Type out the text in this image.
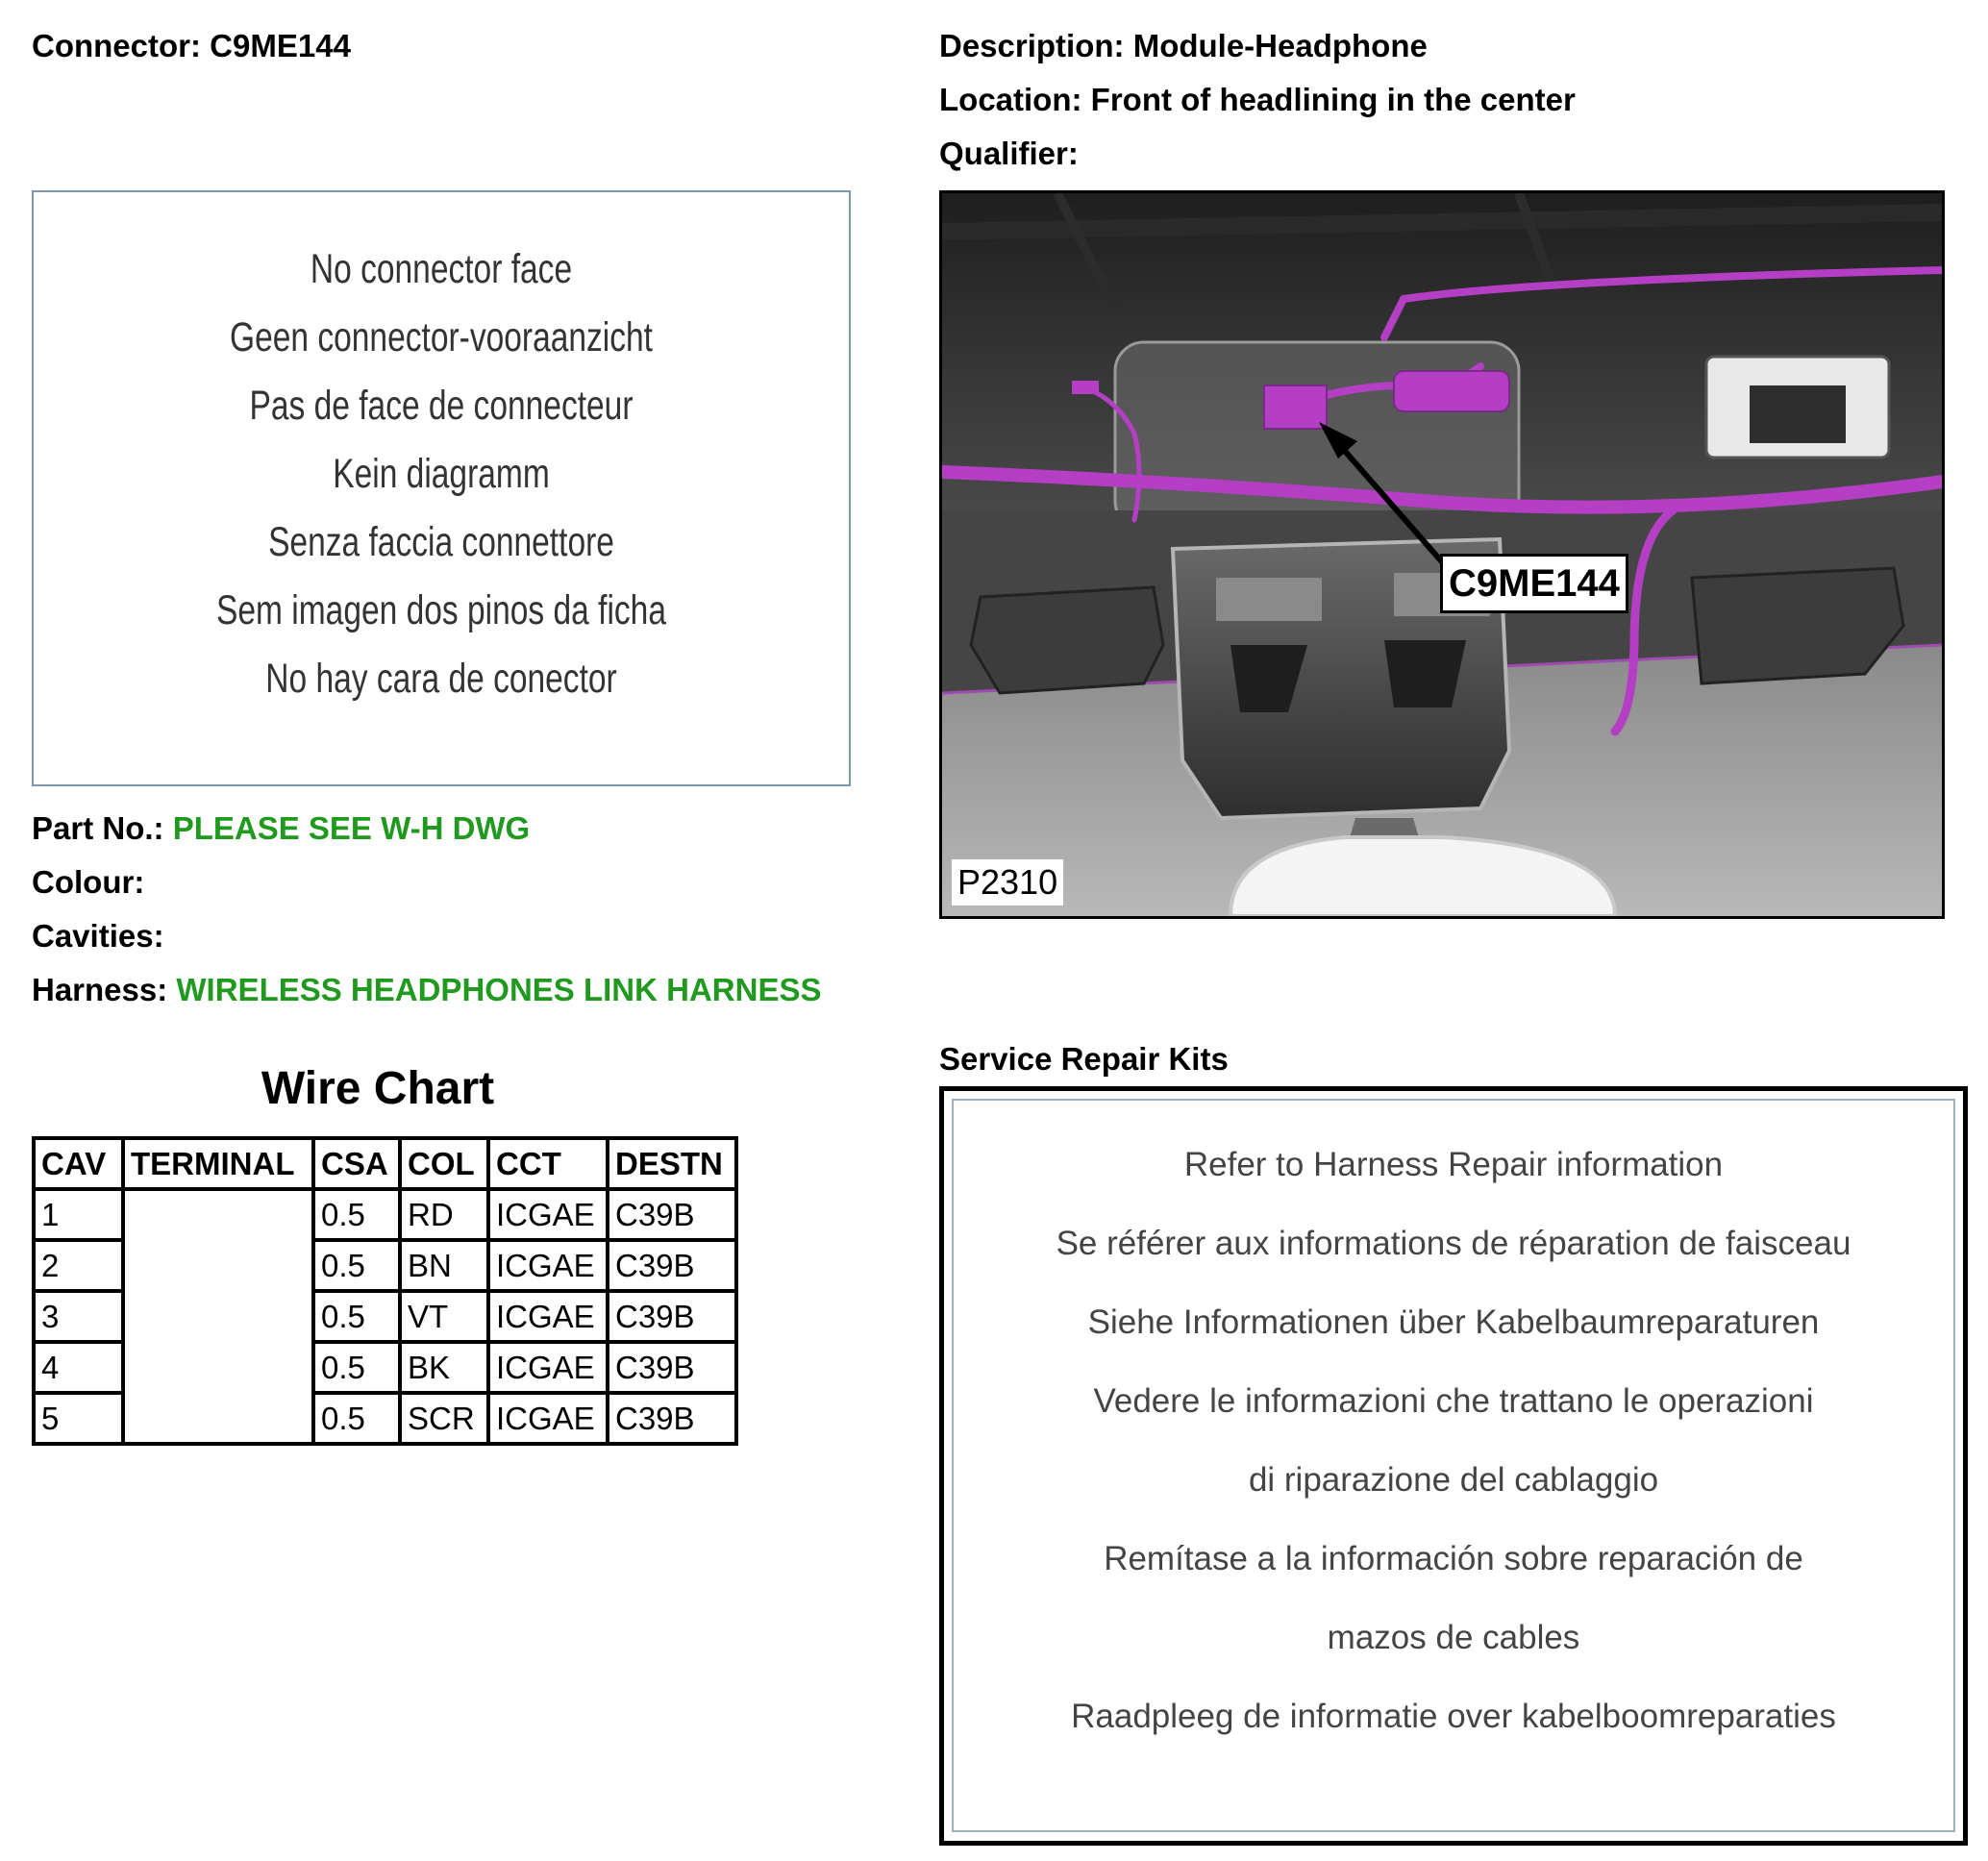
Connector: C9ME144	Description: Module-Headphone
Location: Front of headlining in the center
Qualifier:
No connector face
Geen connector-vooraanzicht
Pas de face de connecteur
Kein diagramm
Senza faccia connettore
Sem imagen dos pinos da ficha
No hay cara de conector
Part No.: PLEASE SEE W-H DWG
Colour:
Cavities:
Harness: WIRELESS HEADPHONES LINK HARNESS
C9ME144
P2310
Wire Chart
CAV	TERMINAL	CSA	COL	CCT	DESTN
1		0.5	RD	ICGAE	C39B
2		0.5	BN	ICGAE	C39B
3		0.5	VT	ICGAE	C39B
4		0.5	BK	ICGAE	C39B
5		0.5	SCR	ICGAE	C39B
Service Repair Kits
Refer to Harness Repair information
Se référer aux informations de réparation de faisceau
Siehe Informationen über Kabelbaumreparaturen
Vedere le informazioni che trattano le operazioni
di riparazione del cablaggio
Remítase a la información sobre reparación de
mazos de cables
Raadpleeg de informatie over kabelboomreparaties
